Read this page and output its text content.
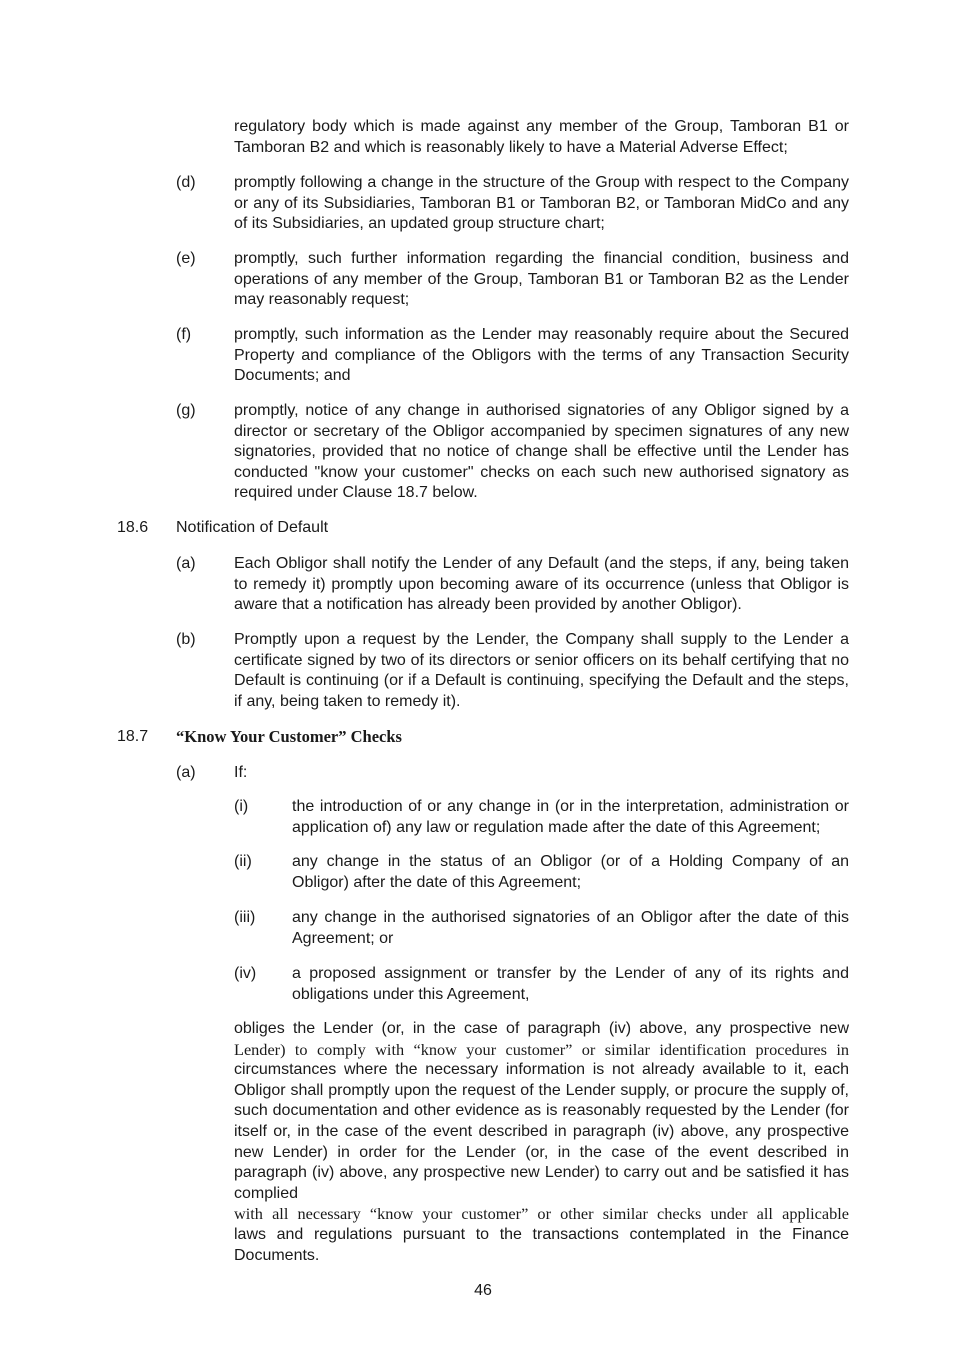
regulatory body which is made against any member of the Group, Tamboran B1 or Tamboran B2 and which is reasonably likely to have a Material Adverse Effect;
(d) promptly following a change in the structure of the Group with respect to the Company or any of its Subsidiaries, Tamboran B1 or Tamboran B2, or Tamboran MidCo and any of its Subsidiaries, an updated group structure chart;
(e) promptly, such further information regarding the financial condition, business and operations of any member of the Group, Tamboran B1 or Tamboran B2 as the Lender may reasonably request;
(f)	promptly, such information as the Lender may reasonably require about the Secured Property and compliance of the Obligors with the terms of any Transaction Security Documents; and
(g) promptly, notice of any change in authorised signatories of any Obligor signed by a director or secretary of the Obligor accompanied by specimen signatures of any new signatories, provided that no notice of change shall be effective until the Lender has conducted "know your customer" checks on each such new authorised signatory as required under Clause 18.7 below.
18.6 Notification of Default
(a) Each Obligor shall notify the Lender of any Default (and the steps, if any, being taken to remedy it) promptly upon becoming aware of its occurrence (unless that Obligor is aware that a notification has already been provided by another Obligor).
(b) Promptly upon a request by the Lender, the Company shall supply to the Lender a certificate signed by two of its directors or senior officers on its behalf certifying that no Default is continuing (or if a Default is continuing, specifying the Default and the steps, if any, being taken to remedy it).
18.7 “Know Your Customer” Checks
(a) If:
(i)	the introduction of or any change in (or in the interpretation, administration or application of) any law or regulation made after the date of this Agreement;
(ii)	any change in the status of an Obligor (or of a Holding Company of an Obligor) after the date of this Agreement;
(iii) any change in the authorised signatories of an Obligor after the date of this Agreement; or
(iv) a proposed assignment or transfer by the Lender of any of its rights and obligations under this Agreement,
obliges the Lender (or, in the case of paragraph (iv) above, any prospective new
Lender) to comply with “know your customer” or similar identification procedures in
circumstances where the necessary information is not already available to it, each Obligor shall promptly upon the request of the Lender supply, or procure the supply of, such documentation and other evidence as is reasonably requested by the Lender (for itself or, in the case of the event described in paragraph (iv) above, any prospective new Lender) in order for the Lender (or, in the case of the event described in paragraph (iv) above, any prospective new Lender) to carry out and be satisfied it has complied
with all necessary “know your customer” or other similar checks under all applicable
laws and regulations pursuant to the transactions contemplated in the Finance Documents.
46
